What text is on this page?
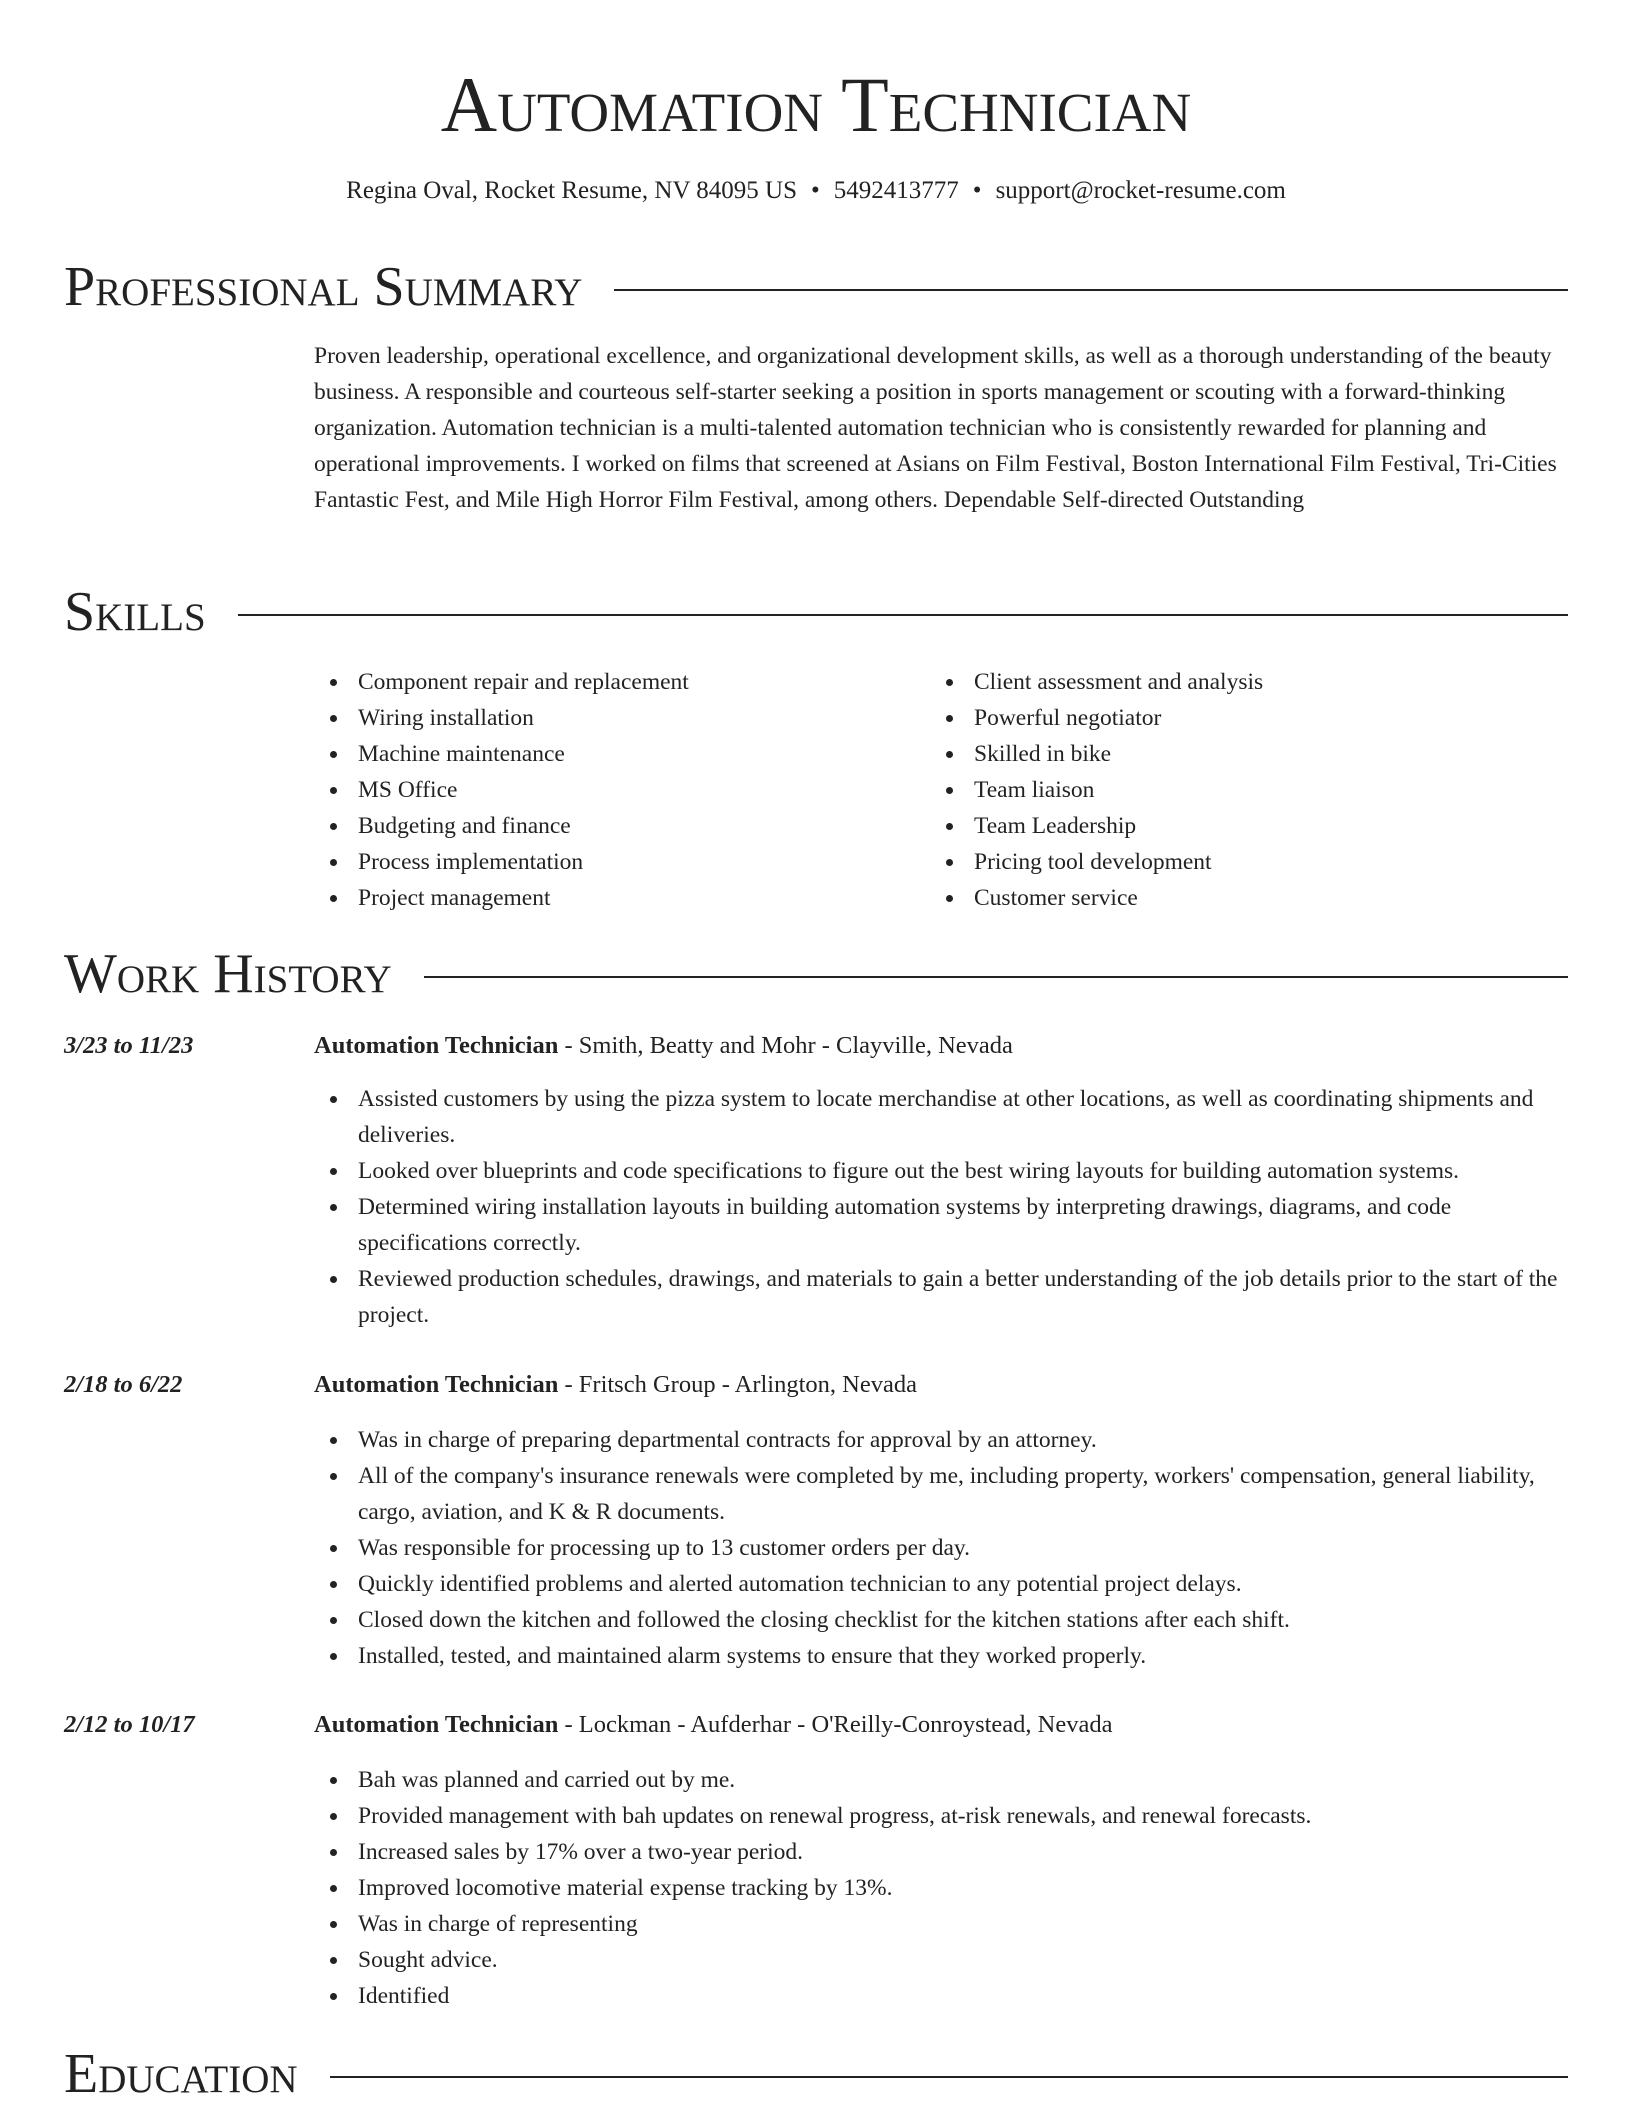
Automation Technician
Regina Oval, Rocket Resume, NV 84095 US • 5492413777 • support@rocket-resume.com
Professional Summary

Proven leadership, operational excellence, and organizational development skills, as well as a thorough understanding of the beauty business. A responsible and courteous self-starter seeking a position in sports management or scouting with a forward-thinking organization. Automation technician is a multi-talented automation technician who is consistently rewarded for planning and operational improvements. I worked on films that screened at Asians on Film Festival, Boston International Film Festival, Tri-Cities Fantastic Fest, and Mile High Horror Film Festival, among others. Dependable Self-directed Outstanding

Skills
Component repair and replacement
Wiring installation
Machine maintenance
MS Office
Budgeting and finance
Process implementation
Project management
Client assessment and analysis
Powerful negotiator
Skilled in bike
Team liaison
Team Leadership
Pricing tool development
Customer service
Work History
3/23 to 11/23	Automation Technician - Smith, Beatty and Mohr - Clayville, Nevada
Assisted customers by using the pizza system to locate merchandise at other locations, as well as coordinating shipments and deliveries.
Looked over blueprints and code specifications to figure out the best wiring layouts for building automation systems.
Determined wiring installation layouts in building automation systems by interpreting drawings, diagrams, and code specifications correctly.
Reviewed production schedules, drawings, and materials to gain a better understanding of the job details prior to the start of the project.
2/18 to 6/22	Automation Technician - Fritsch Group - Arlington, Nevada
Was in charge of preparing departmental contracts for approval by an attorney.
All of the company's insurance renewals were completed by me, including property, workers' compensation, general liability, cargo, aviation, and K & R documents.
Was responsible for processing up to 13 customer orders per day.
Quickly identified problems and alerted automation technician to any potential project delays.
Closed down the kitchen and followed the closing checklist for the kitchen stations after each shift.
Installed, tested, and maintained alarm systems to ensure that they worked properly.
2/12 to 10/17	Automation Technician - Lockman - Aufderhar - O'Reilly-Conroystead, Nevada
Bah was planned and carried out by me.
Provided management with bah updates on renewal progress, at-risk renewals, and renewal forecasts.
Increased sales by 17% over a two-year period.
Improved locomotive material expense tracking by 13%.
Was in charge of representing
Sought advice.
Identified
Education
